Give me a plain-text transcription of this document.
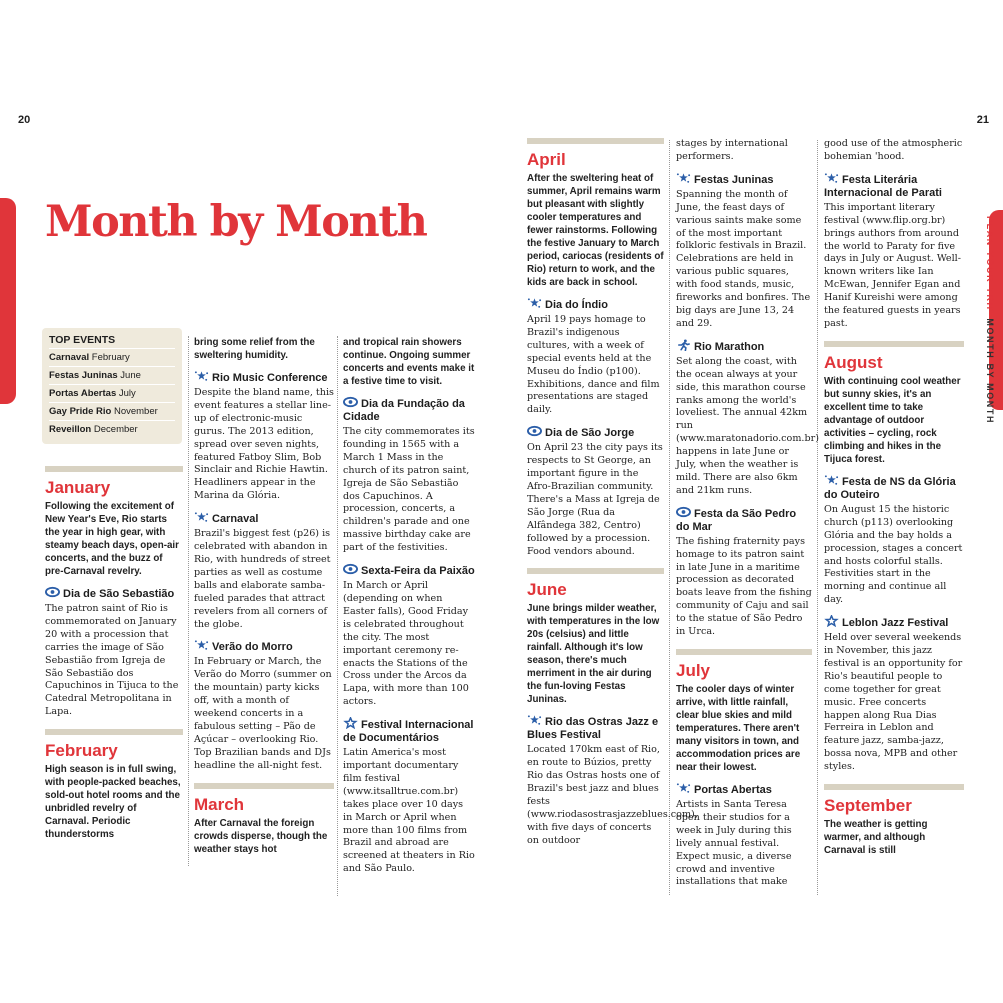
20	21
PLAN YOUR TRIP MONTH BY MONTH
Month by Month
TOP EVENTS
Carnaval February
Festas Juninas June
Portas Abertas July
Gay Pride Rio November
Reveillon December
January

Following the excitement of New Year's Eve, Rio starts the year in high gear, with steamy beach days, open-air concerts, and the buzz of pre-Carnaval revelry.

Dia de São Sebastião

The patron saint of Rio is commemorated on January 20 with a procession that carries the image of São Sebastião from Igreja de São Sebastião dos Capuchinos in Tijuca to the Catedral Metropolitana in Lapa.

February

High season is in full swing, with people-packed beaches, sold-out hotel rooms and the unbridled revelry of Carnaval. Periodic thunderstorms

bring some relief from the sweltering humidity.

Rio Music Conference

Despite the bland name, this event features a stellar line-up of electronic-music gurus. The 2013 edition, spread over seven nights, featured Fatboy Slim, Bob Sinclair and Richie Hawtin. Headliners appear in the Marina da Glória.

Carnaval

Brazil's biggest fest (p26) is celebrated with abandon in Rio, with hundreds of street parties as well as costume balls and elaborate samba-fueled parades that attract revelers from all corners of the globe.

Verão do Morro

In February or March, the Verão do Morro (summer on the mountain) party kicks off, with a month of weekend concerts in a fabulous setting – Pão de Açúcar – overlooking Rio. Top Brazilian bands and DJs headline the all-night fest.

March

After Carnaval the foreign crowds disperse, though the weather stays hot

and tropical rain showers continue. Ongoing summer concerts and events make it a festive time to visit.

Dia da Fundação da Cidade

The city commemorates its founding in 1565 with a March 1 Mass in the church of its patron saint, Igreja de São Sebastião dos Capuchinos. A procession, concerts, a children's parade and one massive birthday cake are part of the festivities.

Sexta-Feira da Paixão

In March or April (depending on when Easter falls), Good Friday is celebrated throughout the city. The most important ceremony re-enacts the Stations of the Cross under the Arcos da Lapa, with more than 100 actors.

Festival Internacional de Documentários

Latin America's most important documentary film festival (www.itsalltrue.com.br) takes place over 10 days in March or April when more than 100 films from Brazil and abroad are screened at theaters in Rio and São Paulo.

April

After the sweltering heat of summer, April remains warm but pleasant with slightly cooler temperatures and fewer rainstorms. Following the festive January to March period, cariocas (residents of Rio) return to work, and the kids are back in school.

Dia do Índio

April 19 pays homage to Brazil's indigenous cultures, with a week of special events held at the Museu do Índio (p100). Exhibitions, dance and film presentations are staged daily.

Dia de São Jorge

On April 23 the city pays its respects to St George, an important figure in the Afro-Brazilian community. There's a Mass at Igreja de São Jorge (Rua da Alfândega 382, Centro) followed by a procession. Food vendors abound.

June

June brings milder weather, with temperatures in the low 20s (celsius) and little rainfall. Although it's low season, there's much merriment in the air during the fun-loving Festas Juninas.

Rio das Ostras Jazz e Blues Festival

Located 170km east of Rio, en route to Búzios, pretty Rio das Ostras hosts one of Brazil's best jazz and blues fests (www.riodasostrasjazzeblues.com), with five days of concerts on outdoor

stages by international performers.

Festas Juninas

Spanning the month of June, the feast days of various saints make some of the most important folkloric festivals in Brazil. Celebrations are held in various public squares, with food stands, music, fireworks and bonfires. The big days are June 13, 24 and 29.

Rio Marathon

Set along the coast, with the ocean always at your side, this marathon course ranks among the world's loveliest. The annual 42km run (www.maratonadorio.com.br) happens in late June or July, when the weather is mild. There are also 6km and 21km runs.

Festa da São Pedro do Mar

The fishing fraternity pays homage to its patron saint in late June in a maritime procession as decorated boats leave from the fishing community of Caju and sail to the statue of São Pedro in Urca.

July

The cooler days of winter arrive, with little rainfall, clear blue skies and mild temperatures. There aren't many visitors in town, and accommodation prices are near their lowest.

Portas Abertas

Artists in Santa Teresa open their studios for a week in July during this lively annual festival. Expect music, a diverse crowd and inventive installations that make

good use of the atmospheric bohemian 'hood.

Festa Literária Internacional de Parati

This important literary festival (www.flip.org.br) brings authors from around the world to Paraty for five days in July or August. Well-known writers like Ian McEwan, Jennifer Egan and Hanif Kureishi were among the featured guests in years past.

August

With continuing cool weather but sunny skies, it's an excellent time to take advantage of outdoor activities – cycling, rock climbing and hikes in the Tijuca forest.

Festa de NS da Glória do Outeiro

On August 15 the historic church (p113) overlooking Glória and the bay holds a procession, stages a concert and hosts colorful stalls. Festivities start in the morning and continue all day.

Leblon Jazz Festival

Held over several weekends in November, this jazz festival is an opportunity for Rio's beautiful people to come together for great music. Free concerts happen along Rua Dias Ferreira in Leblon and feature jazz, samba-jazz, bossa nova, MPB and other styles.

September

The weather is getting warmer, and although Carnaval is still
